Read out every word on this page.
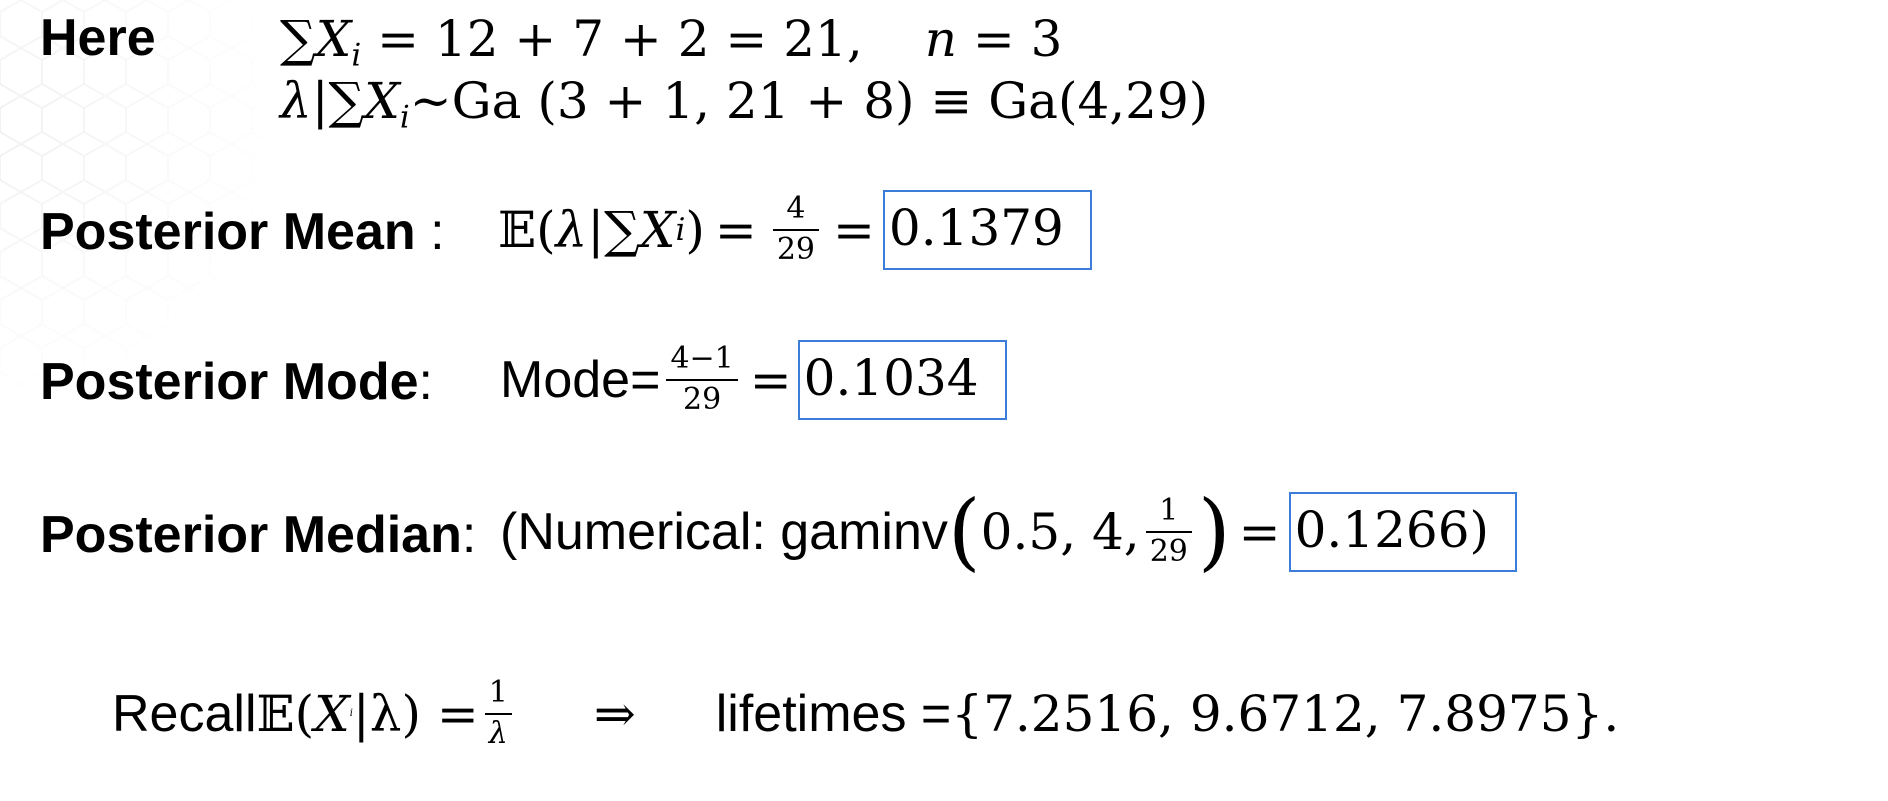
Here $\sum X_i = 12 + 7 + 2 = 21$, n = 3
$\lambda|\sum X_i\sim Ga$ (3 + 1, 21 + 8) ≡ Ga(4,29)
Posterior Mean : 𝔼( λ |∑ X i ) = $\frac{4}{29} = 0.1379$
Posterior Mode: Mode= $\frac{4-1}{29} = 0.1034$
Posterior Median: (Numerical: gaminv ( 0.5, 4, $\frac{1}{29}$ ) = 0.1266)
Recall 𝔼( X i $|\lambda) = \frac{1}{\lambda}$ ⇒ lifetimes = {7.2516, 9.6712, 7.8975}.
